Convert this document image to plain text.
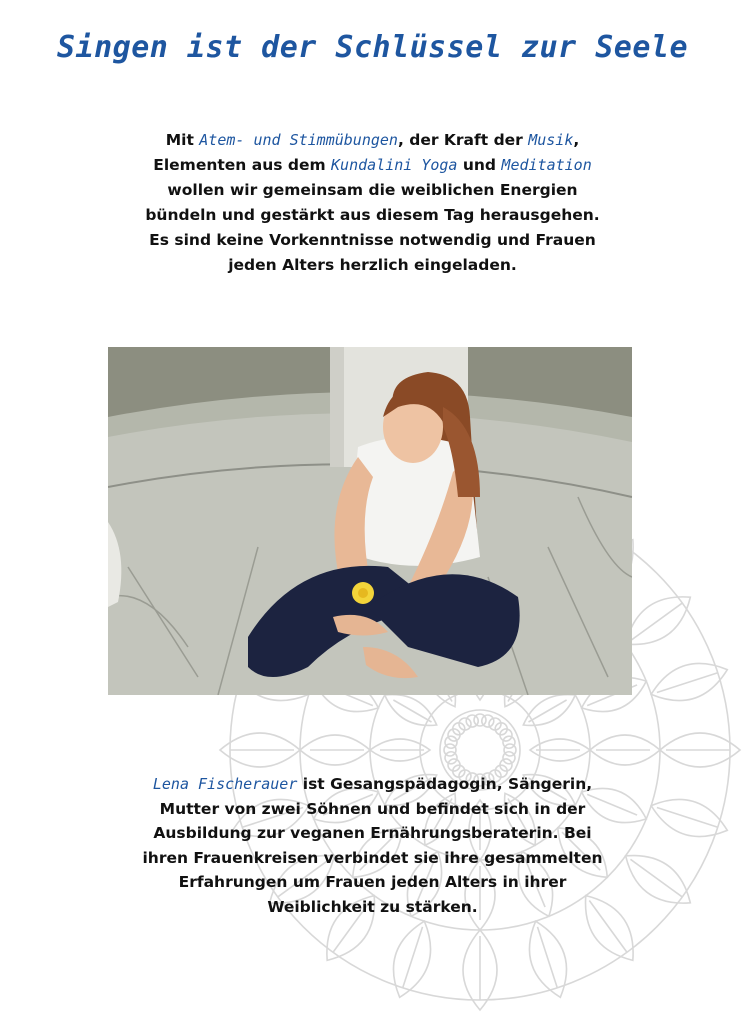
Singen ist der Schlüssel zur Seele
Mit Atem- und Stimmübungen, der Kraft der Musik,
Elementen aus dem Kundalini Yoga und Meditation
wollen wir gemeinsam die weiblichen Energien
bündeln und gestärkt aus diesem Tag herausgehen.
Es sind keine Vorkenntnisse notwendig und Frauen
jeden Alters herzlich eingeladen.
Lena Fischerauer ist Gesangspädagogin, Sängerin,
Mutter von zwei Söhnen und befindet sich in der
Ausbildung zur veganen Ernährungsberaterin. Bei
ihren Frauenkreisen verbindet sie ihre gesammelten
Erfahrungen um Frauen jeden Alters in ihrer
Weiblichkeit zu stärken.
